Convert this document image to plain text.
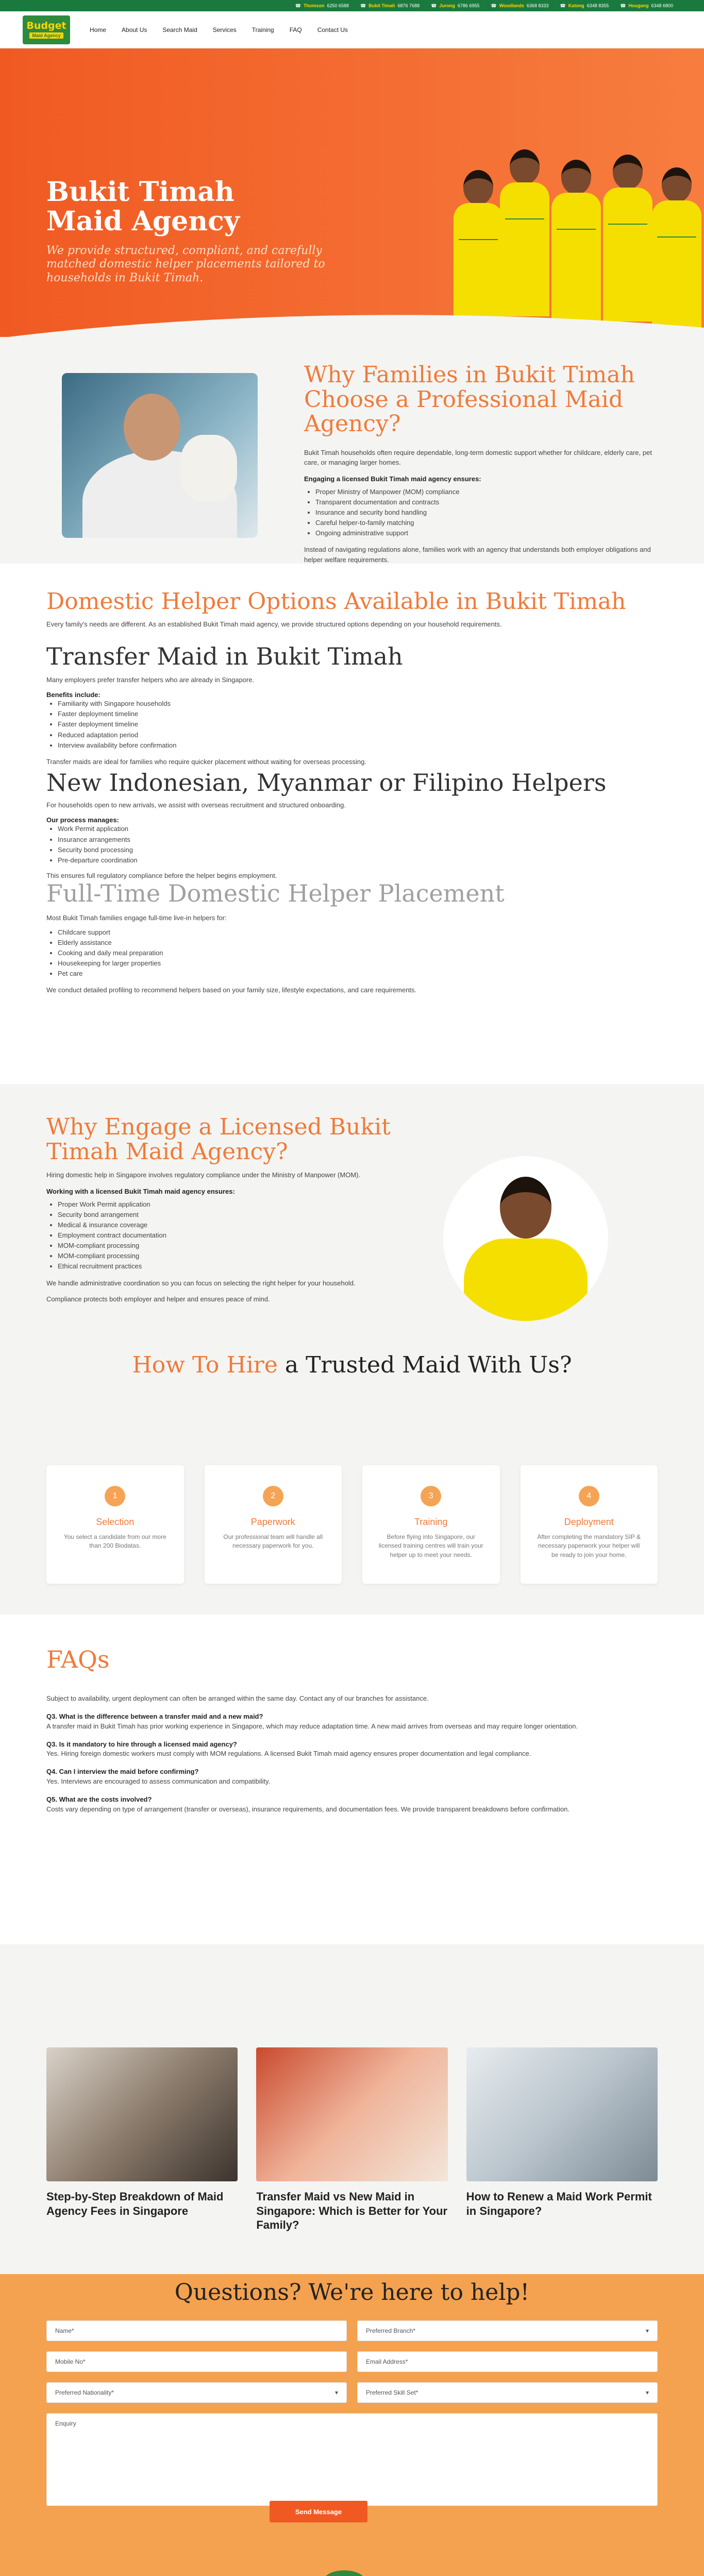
☎ Thomson 6250 6588 ☎ Bukit Timah 6876 7688 ☎ Jurong 6786 6955 ☎ Woodlands 6368 8333 ☎ Katong 6348 8355 ☎ Hougang 6348 6800
Budget
Maid Agency
Home	About Us	Search Maid	Services	Training	FAQ	Contact Us
Bukit Timah
Maid Agency

We provide structured, compliant, and carefully matched domestic helper placements tailored to households in Bukit Timah.

Why Families in Bukit Timah Choose a Professional Maid Agency?

Bukit Timah households often require dependable, long-term domestic support whether for childcare, elderly care, pet care, or managing larger homes.

Engaging a licensed Bukit Timah maid agency ensures:

• Proper Ministry of Manpower (MOM) compliance
• Transparent documentation and contracts
• Insurance and security bond handling
• Careful helper-to-family matching
• Ongoing administrative support

Instead of navigating regulations alone, families work with an agency that understands both employer obligations and helper welfare requirements.

Domestic Helper Options Available in Bukit Timah

Every family's needs are different. As an established Bukit Timah maid agency, we provide structured options depending on your household requirements.

Transfer Maid in Bukit Timah

Many employers prefer transfer helpers who are already in Singapore.

Benefits include:

• Familiarity with Singapore households
• Faster deployment timeline
• Faster deployment timeline
• Reduced adaptation period
• Interview availability before confirmation

Transfer maids are ideal for families who require quicker placement without waiting for overseas processing.

New Indonesian, Myanmar or Filipino Helpers

For households open to new arrivals, we assist with overseas recruitment and structured onboarding.

Our process manages:

• Work Permit application
• Insurance arrangements
• Security bond processing
• Pre-departure coordination

This ensures full regulatory compliance before the helper begins employment.

Full-Time Domestic Helper Placement

Most Bukit Timah families engage full-time live-in helpers for:

• Childcare support
• Elderly assistance
• Cooking and daily meal preparation
• Housekeeping for larger properties
• Pet care

We conduct detailed profiling to recommend helpers based on your family size, lifestyle expectations, and care requirements.

Why Engage a Licensed Bukit Timah Maid Agency?

Hiring domestic help in Singapore involves regulatory compliance under the Ministry of Manpower (MOM).

Working with a licensed Bukit Timah maid agency ensures:

• Proper Work Permit application
• Security bond arrangement
• Medical & insurance coverage
• Employment contract documentation
• MOM-compliant processing
• MOM-compliant processing
• Ethical recruitment practices

We handle administrative coordination so you can focus on selecting the right helper for your household.

Compliance protects both employer and helper and ensures peace of mind.

How To Hire a Trusted Maid With Us?
1
Selection
You select a candidate from our more than 200 Biodatas.
2
Paperwork
Our professional team will handle all necessary paperwork for you.
3
Training
Before flying into Singapore, our licensed training centres will train your helper up to meet your needs.
4
Deployment
After completing the mandatory SIP & necessary paperwork your helper will be ready to join your home.
FAQs
Subject to availability, urgent deployment can often be arranged within the same day. Contact any of our branches for assistance.
Q3. What is the difference between a transfer maid and a new maid?
A transfer maid in Bukit Timah has prior working experience in Singapore, which may reduce adaptation time. A new maid arrives from overseas and may require longer orientation.
Q3. Is it mandatory to hire through a licensed maid agency?
Yes. Hiring foreign domestic workers must comply with MOM regulations. A licensed Bukit Timah maid agency ensures proper documentation and legal compliance.
Q4. Can I interview the maid before confirming?
Yes. Interviews are encouraged to assess communication and compatibility.
Q5. What are the costs involved?
Costs vary depending on type of arrangement (transfer or overseas), insurance requirements, and documentation fees. We provide transparent breakdowns before confirmation.
Step-by-Step Breakdown of Maid Agency Fees in Singapore
Transfer Maid vs New Maid in Singapore: Which is Better for Your Family?
How to Renew a Maid Work Permit in Singapore?
Questions? We're here to help!
Name*	Preferred Branch*	▾
Mobile No*	Email Address*
Preferred Nationality*	▾	Preferred Skill Set*	▾
Enquiry
Send Message
